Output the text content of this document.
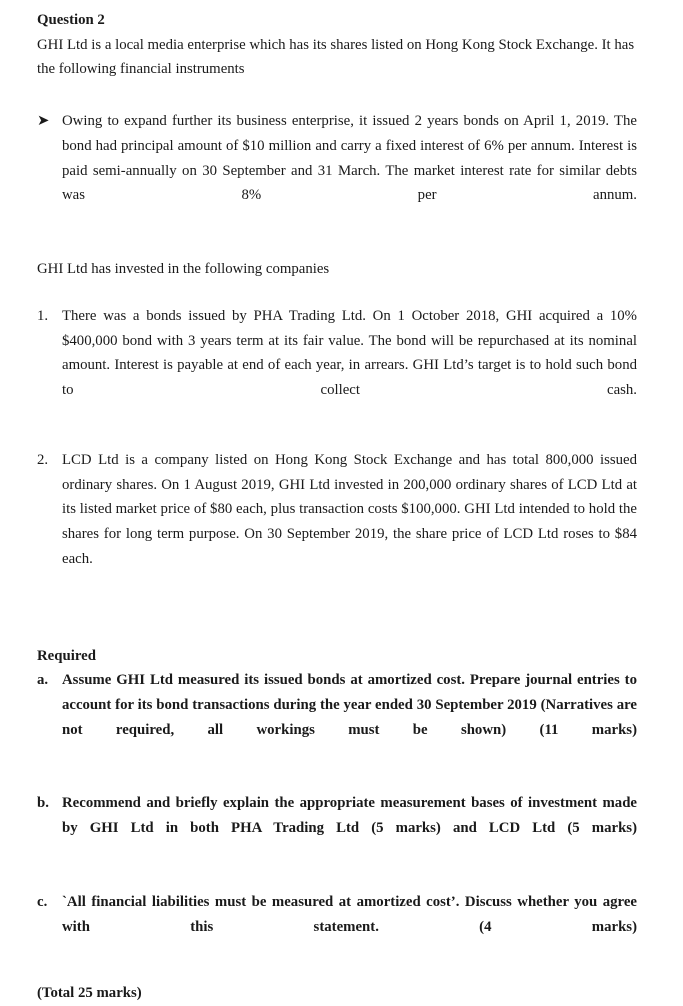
Question 2

GHI Ltd is a local media enterprise which has its shares listed on Hong Kong Stock Exchange. It has the following financial instruments

➤ Owing to expand further its business enterprise, it issued 2 years bonds on April 1, 2019. The bond had principal amount of $10 million and carry a fixed interest of 6% per annum. Interest is paid semi-annually on 30 September and 31 March. The market interest rate for similar debts was 8% per annum.

GHI Ltd has invested in the following companies

1. There was a bonds issued by PHA Trading Ltd. On 1 October 2018, GHI acquired a 10% $400,000 bond with 3 years term at its fair value. The bond will be repurchased at its nominal amount. Interest is payable at end of each year, in arrears. GHI Ltd’s target is to hold such bond to collect cash.
2. LCD Ltd is a company listed on Hong Kong Stock Exchange and has total 800,000 issued ordinary shares. On 1 August 2019, GHI Ltd invested in 200,000 ordinary shares of LCD Ltd at its listed market price of $80 each, plus transaction costs $100,000. GHI Ltd intended to hold the shares for long term purpose. On 30 September 2019, the share price of LCD Ltd roses to $84 each.
Required
a. Assume GHI Ltd measured its issued bonds at amortized cost. Prepare journal entries to account for its bond transactions during the year ended 30 September 2019 (Narratives are not required, all workings must be shown) (11 marks)
b. Recommend and briefly explain the appropriate measurement bases of investment made by GHI Ltd in both PHA Trading Ltd (5 marks) and LCD Ltd (5 marks)
c. `All financial liabilities must be measured at amortized cost’. Discuss whether you agree with this statement. (4 marks)

(Total 25 marks)
